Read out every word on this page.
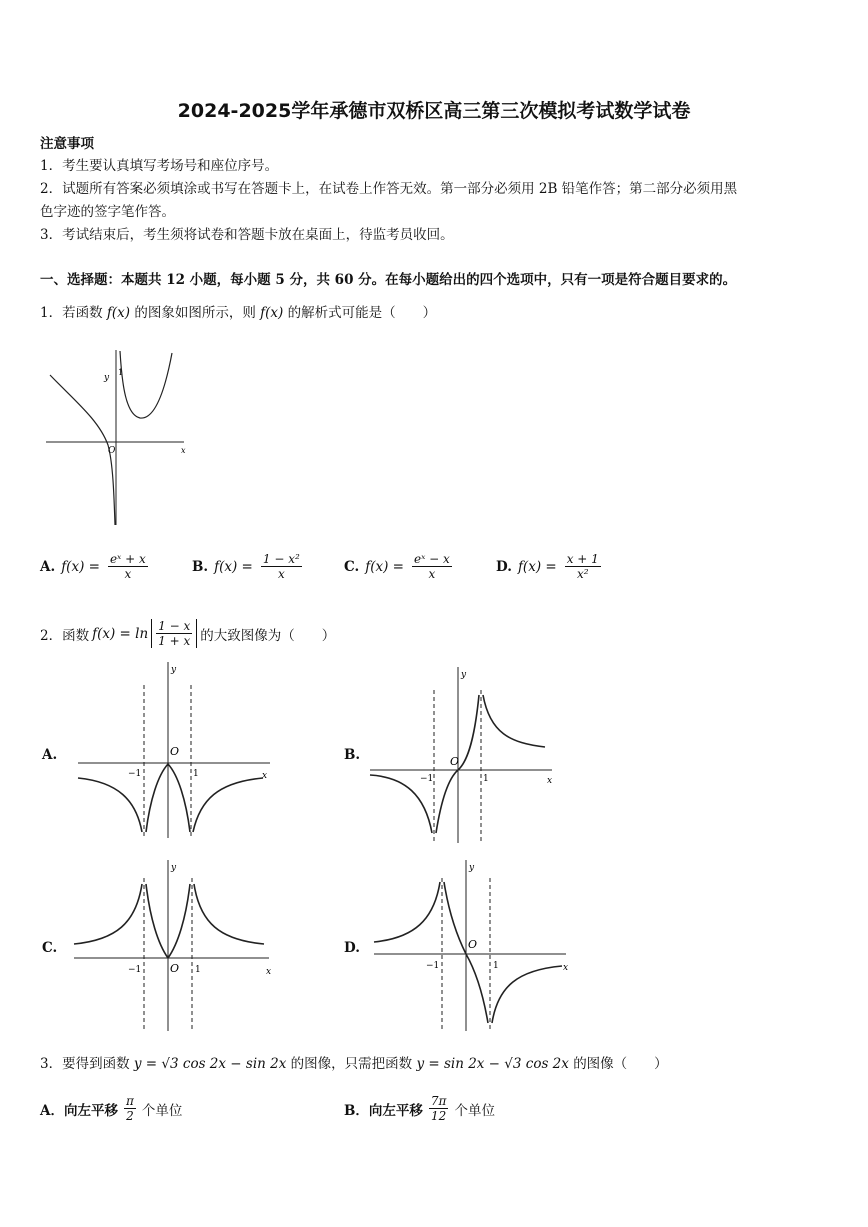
2024-2025学年承德市双桥区高三第三次模拟考试数学试卷
注意事项
1．考生要认真填写考场号和座位序号。
2．试题所有答案必须填涂或书写在答题卡上，在试卷上作答无效。第一部分必须用 2B 铅笔作答；第二部分必须用黑
色字迹的签字笔作答。
3．考试结束后，考生须将试卷和答题卡放在桌面上，待监考员收回。
一、选择题：本题共 12 小题，每小题 5 分，共 60 分。在每小题给出的四个选项中，只有一项是符合题目要求的。
1．若函数 f(x) 的图象如图所示，则 f(x) 的解析式可能是（　　）
y
1
O	x
A. $f(x) = \frac{\text{eˣ + x}}{x}$	B. $f(x) = \frac{\text{1 − x²}}{x}$	C. $f(x) = \frac{\text{eˣ − x}}{x}$	D. $f(x) = \frac{x + 1}{\text{x²}}$
2．函数 $f(x) = \ln \frac{1 - x}{1 + x}$ 的大致图像为（　　）
A.	B.
C.	D.
y
O
−1	1	x
y
O
−1	1	x
y
O
−1	1	x
y
O
−1	1	x
3．要得到函数 y = √3 cos 2x − sin 2x 的图像，只需把函数 y = sin 2x − √3 cos 2x 的图像（　　）
A．向左平移 $\frac{\pi}{2}$ 个单位	B．向左平移 $\frac{7\pi}{12}$ 个单位
